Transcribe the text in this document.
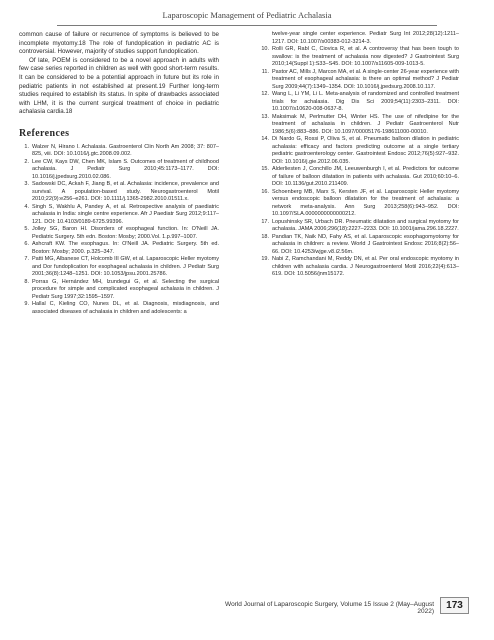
Laparoscopic Management of Pediatric Achalasia

common cause of failure or recurrence of symptoms is believed to be incomplete myotomy.18 The role of fundoplication in pediatric AC is controversial. However, majority of studies support fundoplication.

Of late, POEM is considered to be a novel approach in adults with few case series reported in children as well with good short-term results. It can be considered to be a potential approach in future but its role in pediatric patients in not established at present.19 Further long-term studies required to establish its status. In spite of drawbacks associated with LHM, it is the current surgical treatment of choice in pediatric achalasia cardia.18

References
1. Walzer N, Hirano I. Achalasia. Gastroenterol Clin North Am 2008; 37: 807–825, viii. DOI: 10.1016/j.gtc.2008.09.002.
2. Lee CW, Kays DW, Chen MK, Islam S. Outcomes of treatment of childhood achalasia. J Pediatr Surg 2010;45:1173–1177. DOI: 10.1016/j.jpedsurg.2010.02.086.
3. Sadowski DC, Ackah F, Jiang B, et al. Achalasia: incidence, prevalence and survival. A population-based study. Neurogastroenterol Motil 2010;22(9):e256–e261. DOI: 10.1111/j.1365-2982.2010.01511.x.
4. Singh S, Wakhlu A, Pandey A, et al. Retrospective analysis of paediatric achalasia in India: single centre experience. Afr J Paediatr Surg 2012;9:117–121. DOI: 10.4103/0189-6725.99396.
5. Jolley SG, Baron HI. Disorders of esophageal function. In: O'Neill JA. Pediatric Surgery. 5th edn. Boston: Mosby; 2000.Vol. 1.p.997–1007.
6. Ashcraft KW. The esophagus. In: O'Neill JA. Pediatric Surgery. 5th ed. Boston: Mosby; 2000. p.325–347.
7. Patti MG, Albanese CT, Holcomb III GW, et al. Laparoscopic Heller myotomy and Dor fundoplication for esophageal achalasia in children. J Pediatr Surg 2001;36(8):1248–1251. DOI: 10.1053/jpsu.2001.25786.
8. Porras G, Hernández MH, Izundegui G, et al. Selecting the surgical procedure for simple and complicated esophageal achalasia in children. J Pediatr Surg 1997;32:1595–1597.
9. Hallal C, Kieling CO, Nunes DL, et al. Diagnosis, misdiagnosis, and associated diseases of achalasia in children and adolescents: a
twelve-year single center experience. Pediatr Surg Int 2012;28(12):1211–1217. DOI: 10.1007/s00383-012-3214-3.
10. Rolli GR, Rabl C, Ciovica R, et al. A controversy that has been tough to swallow: is the treatment of achalasia now digested? J Gastrointest Surg 2010;14(Suppl 1):S33–S45. DOI: 10.1007/s11605-009-1013-5.
11. Pastor AC, Mills J, Marcon MA, et al. A single-center 26-year experience with treatment of esophageal achalasia: is there an optimal method? J Pediatr Surg 2009;44(7):1349–1354. DOI: 10.1016/j.jpedsurg.2008.10.117.
12. Wang L, Li YM, Li L. Meta-analysis of randomized and controlled treatment trials for achalasia. Dig Dis Sci 2009;54(11):2303–2311. DOI: 10.1007/s10620-008-0637-8.
13. Maksimak M, Perlmutter DH, Winter HS. The use of nifedipine for the treatment of achalasia in children. J Pediatr Gastroenterol Nutr 1986;5(6):883–886. DOI: 10.1097/00005176-198611000-00010.
14. Di Nardo G, Rossi P, Oliva S, et al. Pneumatic balloon dilation in pediatric achalasia: efficacy and factors predicting outcome at a single tertiary pediatric gastroenterology center. Gastrointest Endosc 2012;76(5):927–932. DOI: 10.1016/j.gie.2012.06.035.
15. Alderliesten J, Conchillo JM, Leeuwenburgh I, et al. Predictors for outcome of failure of balloon dilatation in patients with achalasia. Gut 2010;60:10–6. DOI: 10.1136/gut.2010.211409.
16. Schoenberg MB, Marx S, Kersten JF, et al. Laparoscopic Heller myotomy versus endoscopic balloon dilatation for the treatment of achalasia: a network meta-analysis. Ann Surg 2013;258(6):943–952. DOI: 10.1097/SLA.0000000000000212.
17. Lopushinsky SR, Urbach DR. Pneumatic dilatation and surgical myotomy for achalasia. JAMA 2006;296(18):2227–2233. DOI: 10.1001/jama.296.18.2227.
18. Pandian TK, Naik ND, Fahy AS, et al. Laparoscopic esophagomyotomy for achalasia in children: a review. World J Gastrointest Endosc 2016;8(2):56–66. DOI: 10.4253/wjge.v8.i2.56m.
19. Nabi Z, Ramchandani M, Reddy DN, et al. Per oral endoscopic myotomy in children with achalasia cardia. J Neurogastroenterol Motil 2016;22(4):613–619. DOI: 10.5056/jnm15172.
World Journal of Laparoscopic Surgery, Volume 15 Issue 2 (May–August 2022)
173
